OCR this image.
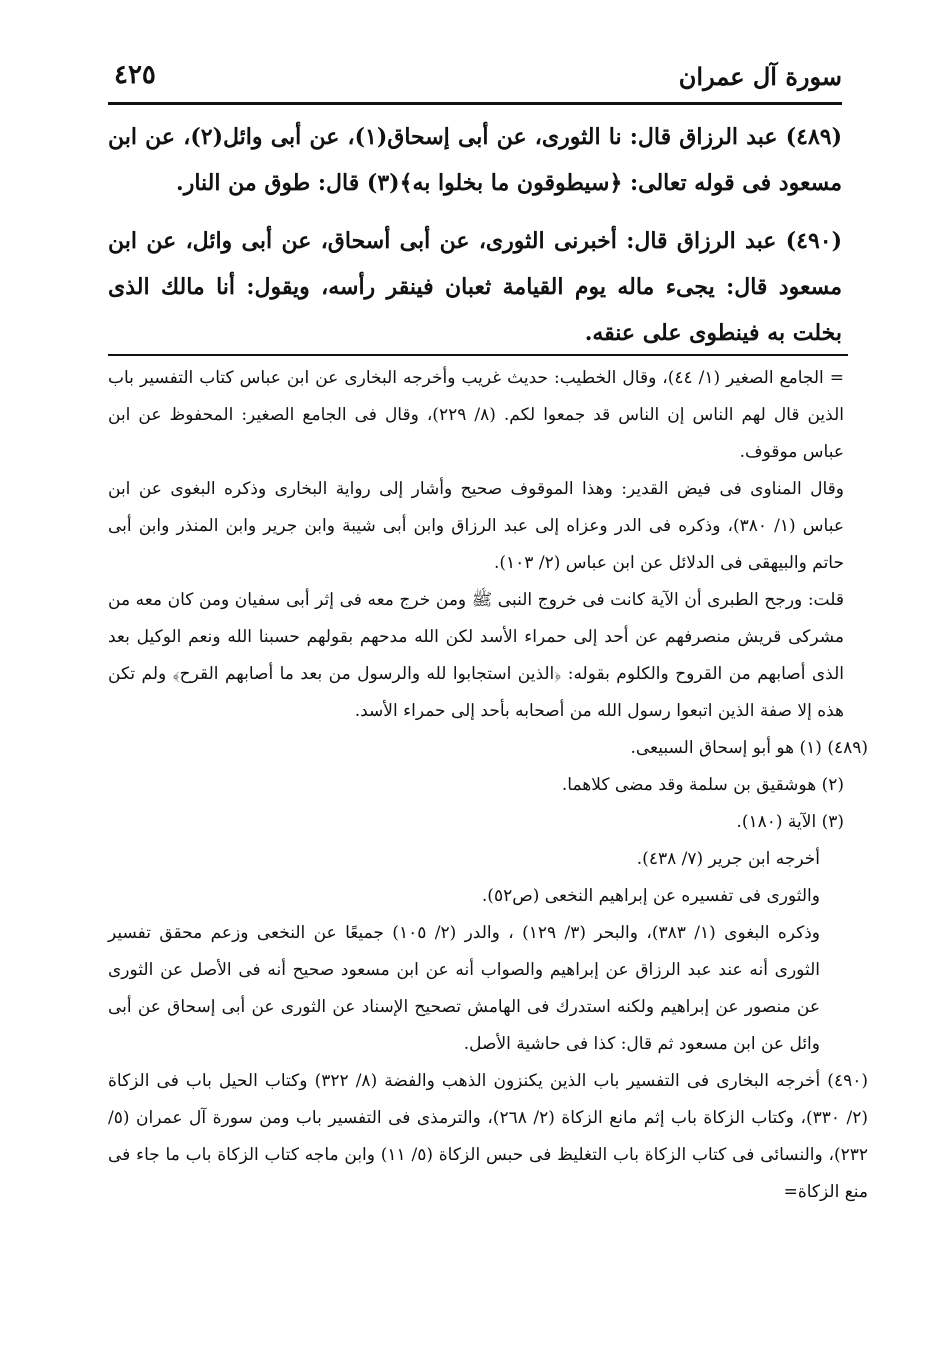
سورة آل عمران
٤٢٥

(٤٨٩) عبد الرزاق قال: نا الثورى، عن أبى إسحاق(١)، عن أبى وائل(٢)، عن ابن مسعود فى قوله تعالى: ﴿سيطوقون ما بخلوا به﴾(٣) قال: طوق من النار.

(٤٩٠) عبد الرزاق قال: أخبرنى الثورى، عن أبى أسحاق، عن أبى وائل، عن ابن مسعود قال: يجىء ماله يوم القيامة ثعبان فينقر رأسه، ويقول: أنا مالك الذى بخلت به فينطوى على عنقه.

= الجامع الصغير (١/ ٤٤)، وقال الخطيب: حديث غريب وأخرجه البخارى عن ابن عباس كتاب التفسير باب الذين قال لهم الناس إن الناس قد جمعوا لكم. (٨/ ٢٢٩)، وقال فى الجامع الصغير: المحفوظ عن ابن عباس موقوف.

وقال المناوى فى فيض القدير: وهذا الموقوف صحيح وأشار إلى رواية البخارى وذكره البغوى عن ابن عباس (١/ ٣٨٠)، وذكره فى الدر وعزاه إلى عبد الرزاق وابن أبى شيبة وابن جرير وابن المنذر وابن أبى حاتم والبيهقى فى الدلائل عن ابن عباس (٢/ ١٠٣).

قلت: ورجح الطبرى أن الآية كانت فى خروج النبى ﷺ ومن خرج معه فى إثر أبى سفيان ومن كان معه من مشركى قريش منصرفهم عن أحد إلى حمراء الأسد لكن الله مدحهم بقولهم حسبنا الله ونعم الوكيل بعد الذى أصابهم من القروح والكلوم بقوله: ﴿الذين استجابوا لله والرسول من بعد ما أصابهم القرح﴾ ولم تكن هذه إلا صفة الذين اتبعوا رسول الله من أصحابه بأحد إلى حمراء الأسد.

(٤٨٩) (١) هو أبو إسحاق السبيعى.

(٢) هوشقيق بن سلمة وقد مضى كلاهما.

(٣) الآية (١٨٠).

أخرجه ابن جرير (٧/ ٤٣٨).

والثورى فى تفسيره عن إبراهيم النخعى (ص٥٢).

وذكره البغوى (١/ ٣٨٣)، والبحر (٣/ ١٢٩) ، والدر (٢/ ١٠٥) جميعًا عن النخعى وزعم محقق تفسير الثورى أنه عند عبد الرزاق عن إبراهيم والصواب أنه عن ابن مسعود صحيح أنه فى الأصل عن الثورى عن منصور عن إبراهيم ولكنه استدرك فى الهامش تصحيح الإسناد عن الثورى عن أبى إسحاق عن أبى وائل عن ابن مسعود ثم قال: كذا فى حاشية الأصل.

(٤٩٠) أخرجه البخارى فى التفسير باب الذين يكنزون الذهب والفضة (٨/ ٣٢٢) وكتاب الحيل باب فى الزكاة (٢/ ٣٣٠)، وكتاب الزكاة باب إثم مانع الزكاة (٢/ ٢٦٨)، والترمذى فى التفسير باب ومن سورة آل عمران (٥/ ٢٣٢)، والنسائى فى كتاب الزكاة باب التغليظ فى حبس الزكاة (٥/ ١١) وابن ماجه كتاب الزكاة باب ما جاء فى منع الزكاة=
